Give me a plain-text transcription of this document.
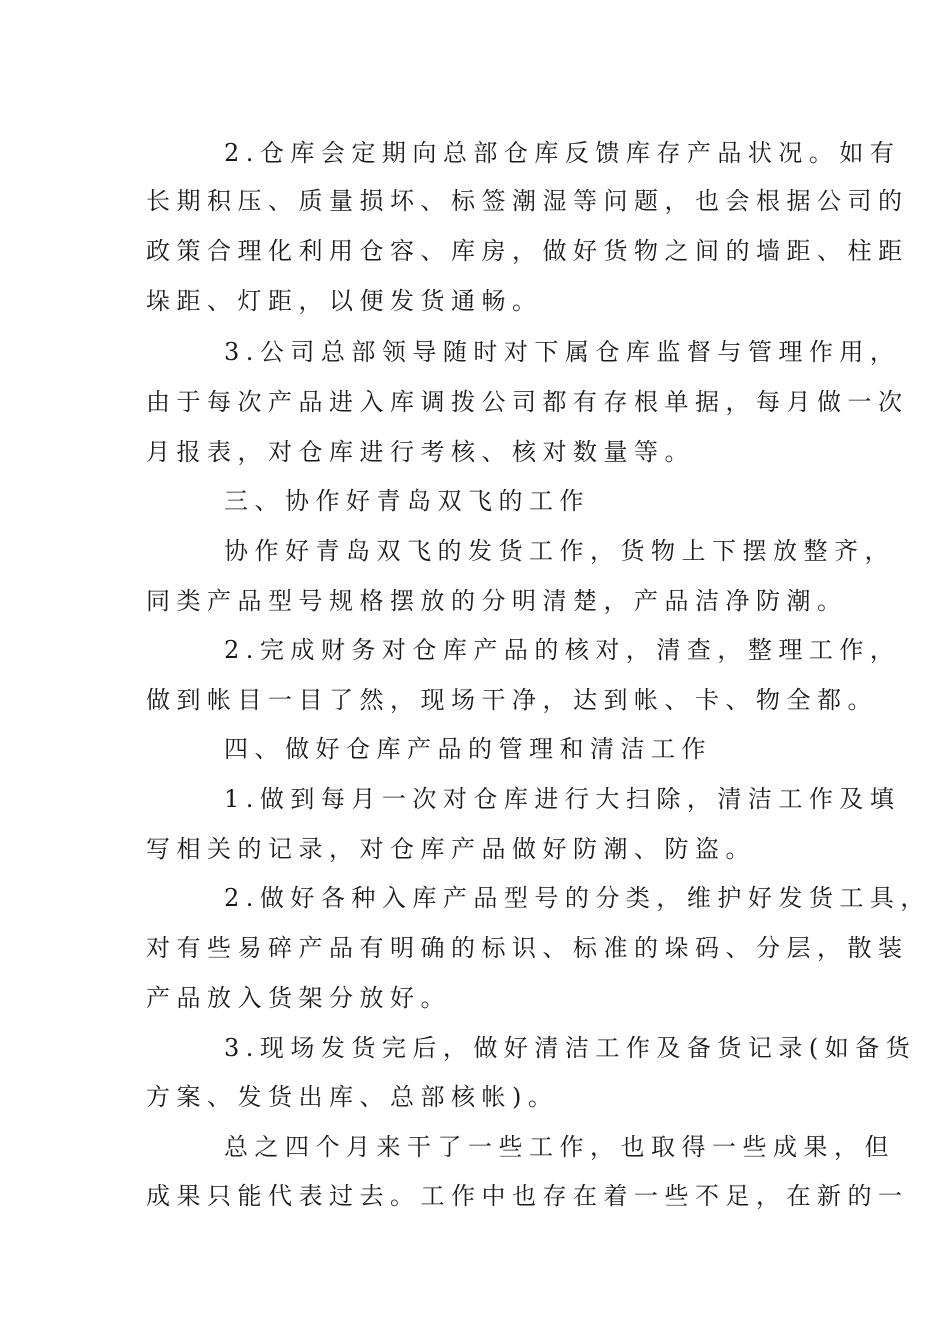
2.仓库会定期向总部仓库反馈库存产品状况。如有
长期积压、质量损坏、标签潮湿等问题，也会根据公司的
政策合理化利用仓容、库房，做好货物之间的墙距、柱距
垛距、灯距，以便发货通畅。
3.公司总部领导随时对下属仓库监督与管理作用，
由于每次产品进入库调拨公司都有存根单据，每月做一次
月报表，对仓库进行考核、核对数量等。
三、协作好青岛双飞的工作
协作好青岛双飞的发货工作，货物上下摆放整齐，
同类产品型号规格摆放的分明清楚，产品洁净防潮。
2.完成财务对仓库产品的核对，清查，整理工作，
做到帐目一目了然，现场干净，达到帐、卡、物全都。
四、做好仓库产品的管理和清洁工作
1.做到每月一次对仓库进行大扫除，清洁工作及填
写相关的记录，对仓库产品做好防潮、防盗。
2.做好各种入库产品型号的分类，维护好发货工具，
对有些易碎产品有明确的标识、标准的垛码、分层，散装
产品放入货架分放好。
3.现场发货完后，做好清洁工作及备货记录(如备货
方案、发货出库、总部核帐)。
总之四个月来干了一些工作，也取得一些成果，但
成果只能代表过去。工作中也存在着一些不足，在新的一
